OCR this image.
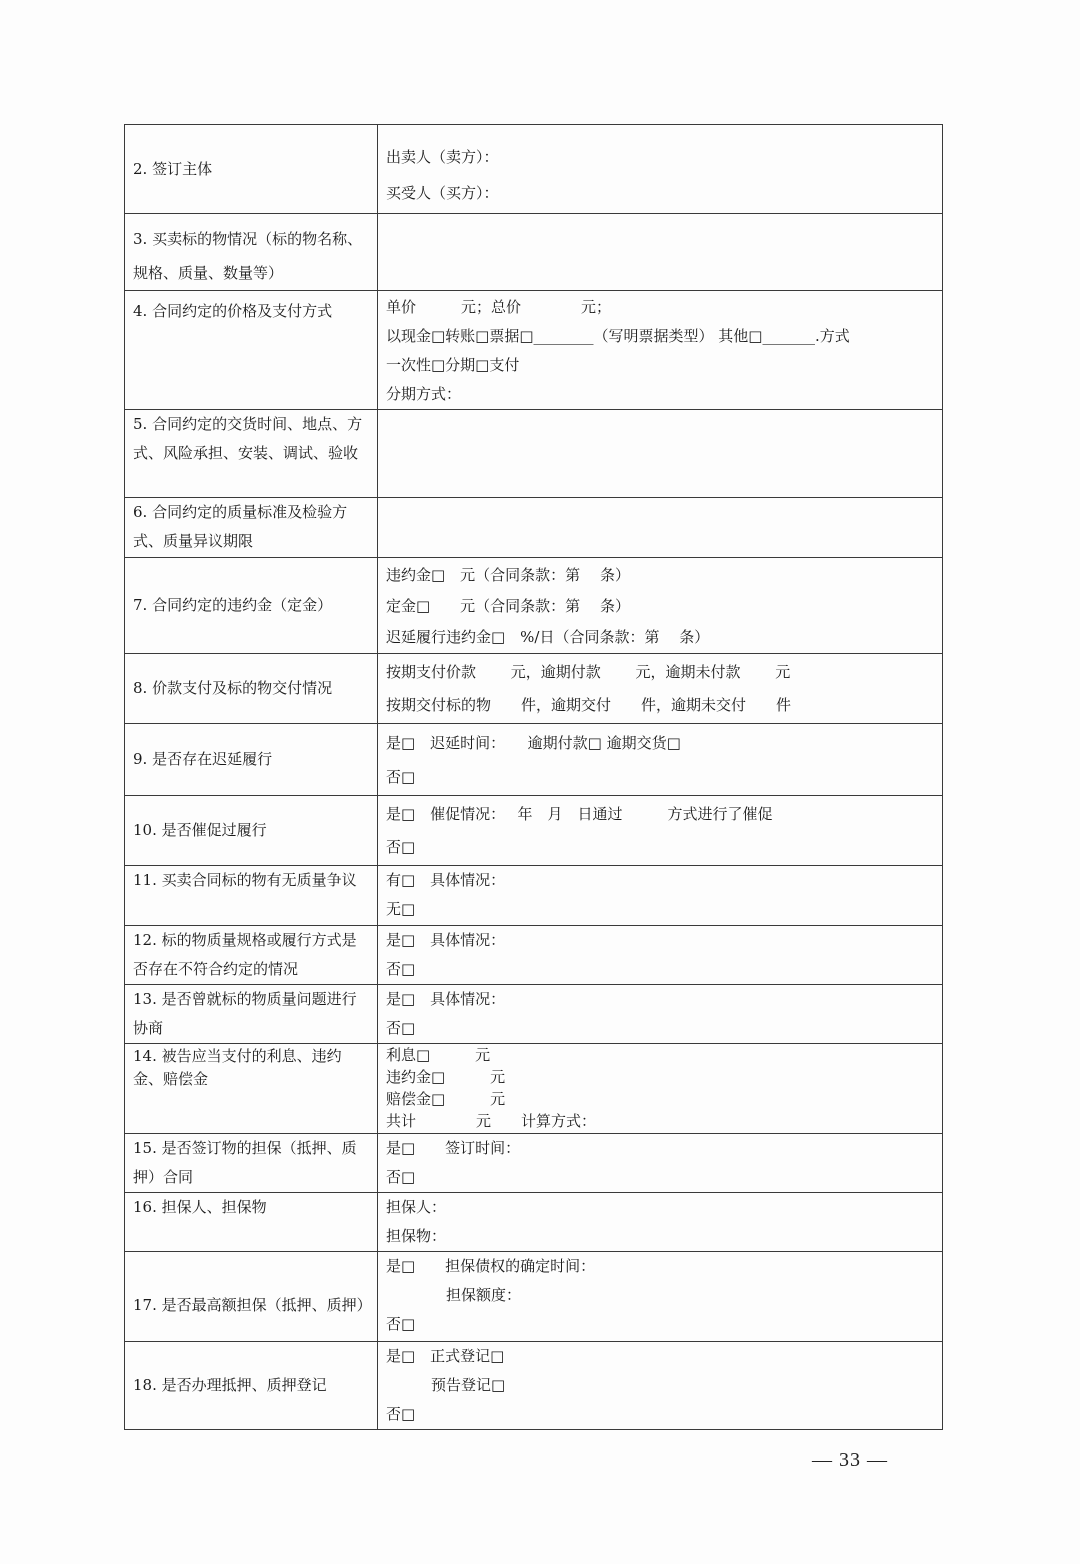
2. 签订主体	出卖人（卖方）：
买受人（买方）：

3. 买卖标的物情况（标的物名称、规格、质量、数量等）	
4. 合同约定的价格及支付方式	单价　　　元；总价　　　　元；
以现金□转账□票据□________（写明票据类型） 其他□_______.方式
一次性□分期□支付
分期方式：

5. 合同约定的交货时间、地点、方式、风险承担、安装、调试、验收	
6. 合同约定的质量标准及检验方式、质量异议期限	
7. 合同约定的违约金（定金）	违约金□　元（合同条款：第　 条）
定金□　　元（合同条款：第　 条）
迟延履行违约金□　%/日（合同条款：第　 条）

8. 价款支付及标的物交付情况	按期支付价款　　 元，逾期付款　　 元，逾期未付款　　 元
按期交付标的物　　件，逾期交付　　件，逾期未交付　　件

9. 是否存在迟延履行	是□　迟延时间：　　逾期付款□ 逾期交货□
否□

10. 是否催促过履行	是□　催促情况：　 年　月　日通过　　　方式进行了催促
否□

11. 买卖合同标的物有无质量争议	有□　具体情况：
无□

12. 标的物质量规格或履行方式是否存在不符合约定的情况	是□　具体情况：
否□

13. 是否曾就标的物质量问题进行协商	是□　具体情况：
否□

14. 被告应当支付的利息、违约金、赔偿金	利息□　　　元
违约金□　　　元
赔偿金□　　　元
共计　　　　元　　计算方式：

15. 是否签订物的担保（抵押、质押）合同	是□　　签订时间：
否□

16. 担保人、担保物	担保人：
担保物：

17. 是否最高额担保（抵押、质押）	是□　　担保债权的确定时间：
　　　　担保额度：
否□

18. 是否办理抵押、质押登记	是□　正式登记□
　　　预告登记□
否□
— 33 —
